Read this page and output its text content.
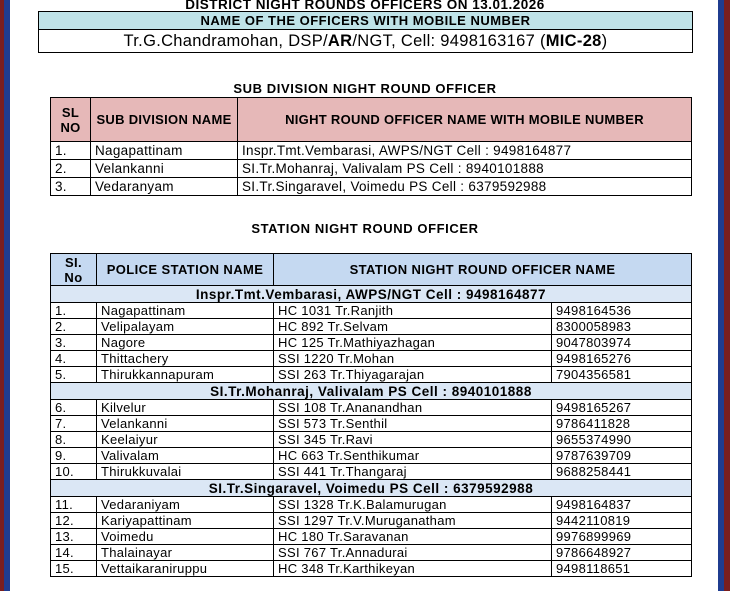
DISTRICT NIGHT ROUNDS OFFICERS ON 13.01.2026
NAME OF THE OFFICERS WITH MOBILE NUMBER
Tr.G.Chandramohan, DSP/AR/NGT, Cell: 9498163167 (MIC-28)
SUB DIVISION NIGHT ROUND OFFICER
SL NO	SUB DIVISION NAME	NIGHT ROUND OFFICER NAME WITH MOBILE NUMBER
1.	Nagapattinam	Inspr.Tmt.Vembarasi, AWPS/NGT Cell : 9498164877
2.	Velankanni	SI.Tr.Mohanraj, Valivalam PS Cell : 8940101888
3.	Vedaranyam	SI.Tr.Singaravel, Voimedu PS Cell : 6379592988
STATION NIGHT ROUND OFFICER
SI. No	POLICE STATION NAME	STATION NIGHT ROUND OFFICER NAME	
Inspr.Tmt.Vembarasi, AWPS/NGT Cell : 9498164877			
1.	Nagapattinam	HC 1031 Tr.Ranjith	9498164536
2.	Velipalayam	HC 892 Tr.Selvam	8300058983
3.	Nagore	HC 125 Tr.Mathiyazhagan	9047803974
4.	Thittachery	SSI 1220 Tr.Mohan	9498165276
5.	Thirukkannapuram	SSI 263 Tr.Thiyagarajan	7904356581
SI.Tr.Mohanraj, Valivalam PS Cell : 8940101888			
6.	Kilvelur	SSI 108 Tr.Ananandhan	9498165267
7.	Velankanni	SSI 573 Tr.Senthil	9786411828
8.	Keelaiyur	SSI 345 Tr.Ravi	9655374990
9.	Valivalam	HC 663 Tr.Senthikumar	9787639709
10.	Thirukkuvalai	SSI 441 Tr.Thangaraj	9688258441
SI.Tr.Singaravel, Voimedu PS Cell : 6379592988			
11.	Vedaraniyam	SSI 1328 Tr.K.Balamurugan	9498164837
12.	Kariyapattinam	SSI 1297 Tr.V.Muruganatham	9442110819
13.	Voimedu	HC 180 Tr.Saravanan	9976899969
14.	Thalainayar	SSI 767 Tr.Annadurai	9786648927
15.	Vettaikaraniruppu	HC 348 Tr.Karthikeyan	9498118651
